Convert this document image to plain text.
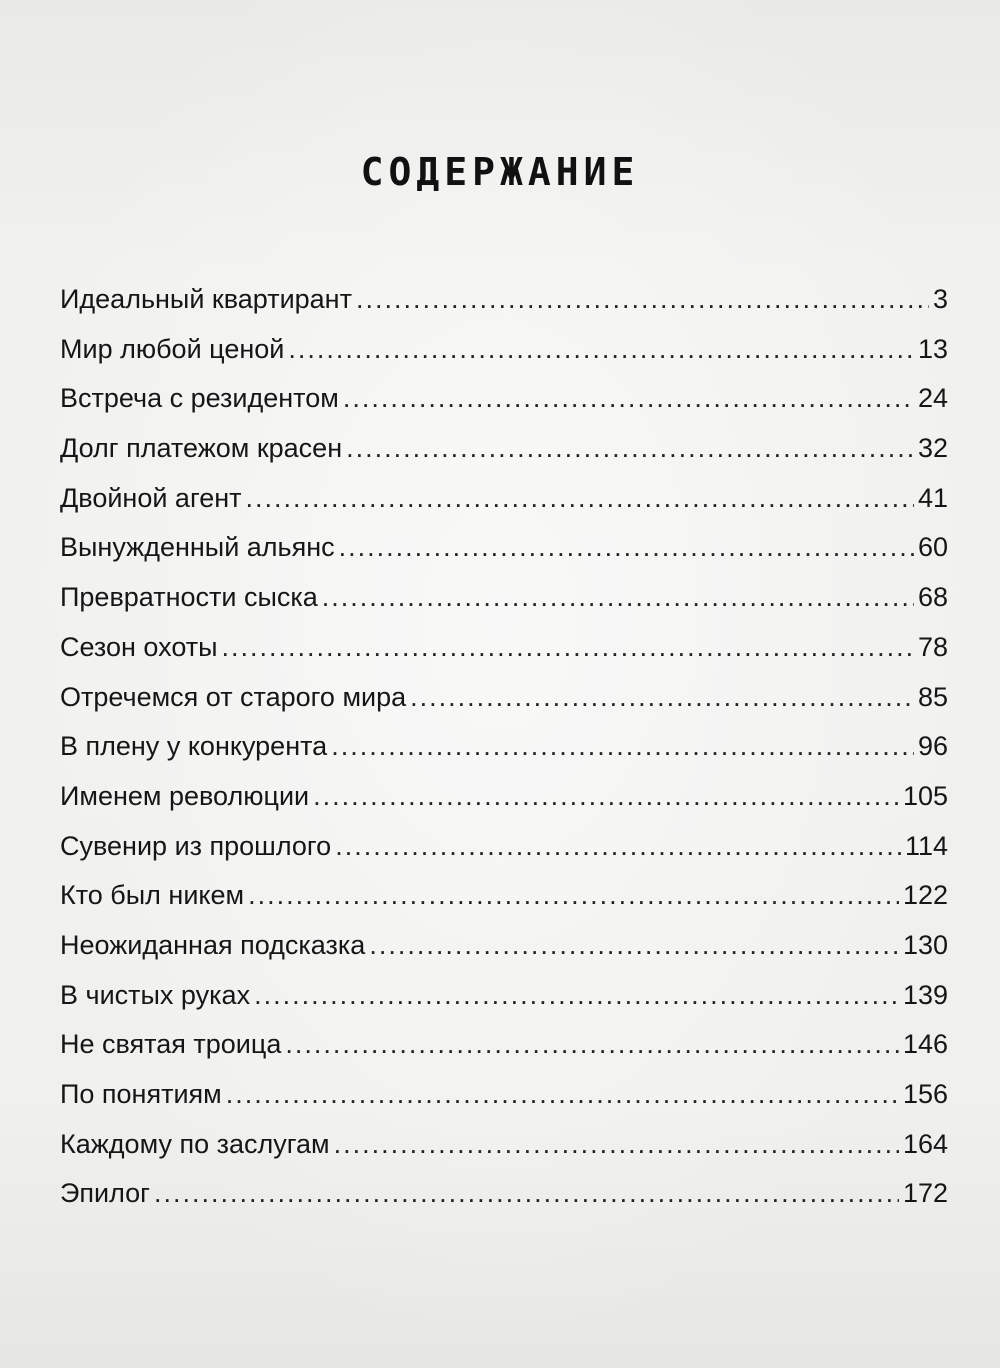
СОДЕРЖАНИЕ
Идеальный квартирант .....	3
Мир любой ценой .....	13
Встреча с резидентом .....	24
Долг платежом красен .....	32
Двойной агент .....	41
Вынужденный альянс .....	60
Превратности сыска .....	68
Сезон охоты .....	78
Отречемся от старого мира .....	85
В плену у конкурента .....	96
Именем революции .....	105
Сувенир из прошлого .....	114
Кто был никем .....	122
Неожиданная подсказка .....	130
В чистых руках .....	139
Не святая троица .....	146
По понятиям .....	156
Каждому по заслугам .....	164
Эпилог .....	172
